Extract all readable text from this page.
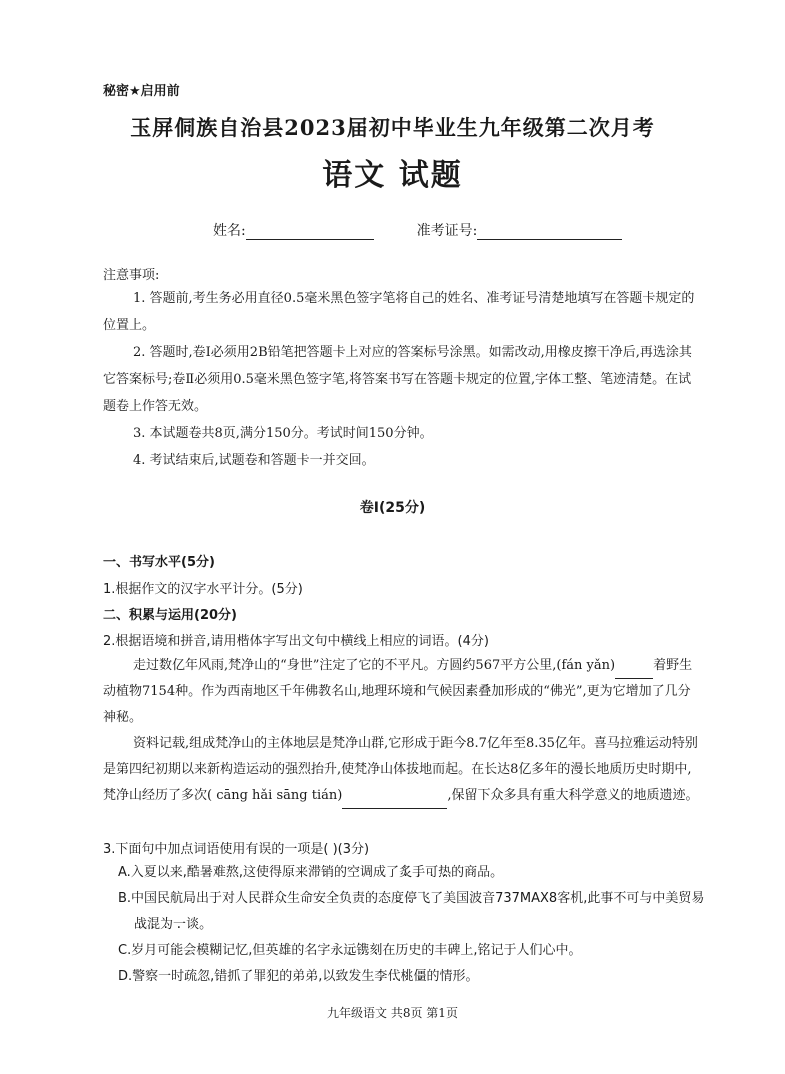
秘密★启用前
玉屏侗族自治县2023届初中毕业生九年级第二次月考
语文 试题
姓名:	准考证号:
注意事项:

1. 答题前,考生务必用直径0.5毫米黑色签字笔将自己的姓名、准考证号清楚地填写在答题卡规定的位置上。

2. 答题时,卷Ⅰ必须用2B铅笔把答题卡上对应的答案标号涂黑。如需改动,用橡皮擦干净后,再选涂其它答案标号;卷Ⅱ必须用0.5毫米黑色签字笔,将答案书写在答题卡规定的位置,字体工整、笔迹清楚。在试题卷上作答无效。

3. 本试题卷共8页,满分150分。考试时间150分钟。

4. 考试结束后,试题卷和答题卡一并交回。

卷Ⅰ(25分)
一、书写水平(5分)
1.根据作文的汉字水平计分。(5分)
二、积累与运用(20分)
2.根据语境和拼音,请用楷体字写出文句中横线上相应的词语。(4分)

走过数亿年风雨,梵净山的“身世”注定了它的不平凡。方圆约567平方公里,(fán yǎn)	着野生动植物7154种。作为西南地区千年佛教名山,地理环境和气候因素叠加形成的“佛光”,更为它增加了几分神秘。

资料记载,组成梵净山的主体地层是梵净山群,它形成于距今8.7亿年至8.35亿年。喜马拉雅运动特别是第四纪初期以来新构造运动的强烈抬升,使梵净山体拔地而起。在长达8亿多年的漫长地质历史时期中,梵净山经历了多次( cāng hǎi sāng tián)	,保留下众多具有重大科学意义的地质遗迹。

3.下面句中加点词语使用有误的一项是( )(3分)
A.入夏以来,酷暑难熬,这使得原来滞销的空调成了炙 ·手 ·可 ·热 ·的商品。
B.中国民航局出于对人民群众生命安全负责的态度停 ·飞 ·了美国波音737MAX8客机,此事不可与中美贸易战混 ·为 ·一 ·谈 ·。
C.岁月可能会模糊记忆,但英雄的名字永 ·远 ·镌 ·刻 ·在历史的丰碑上,铭记于人们心中。
D.警察一时疏忽,错抓了罪犯的弟弟,以致发生李 ·代 ·桃 ·僵 ·的情形。
九年级语文 共8页 第1页
